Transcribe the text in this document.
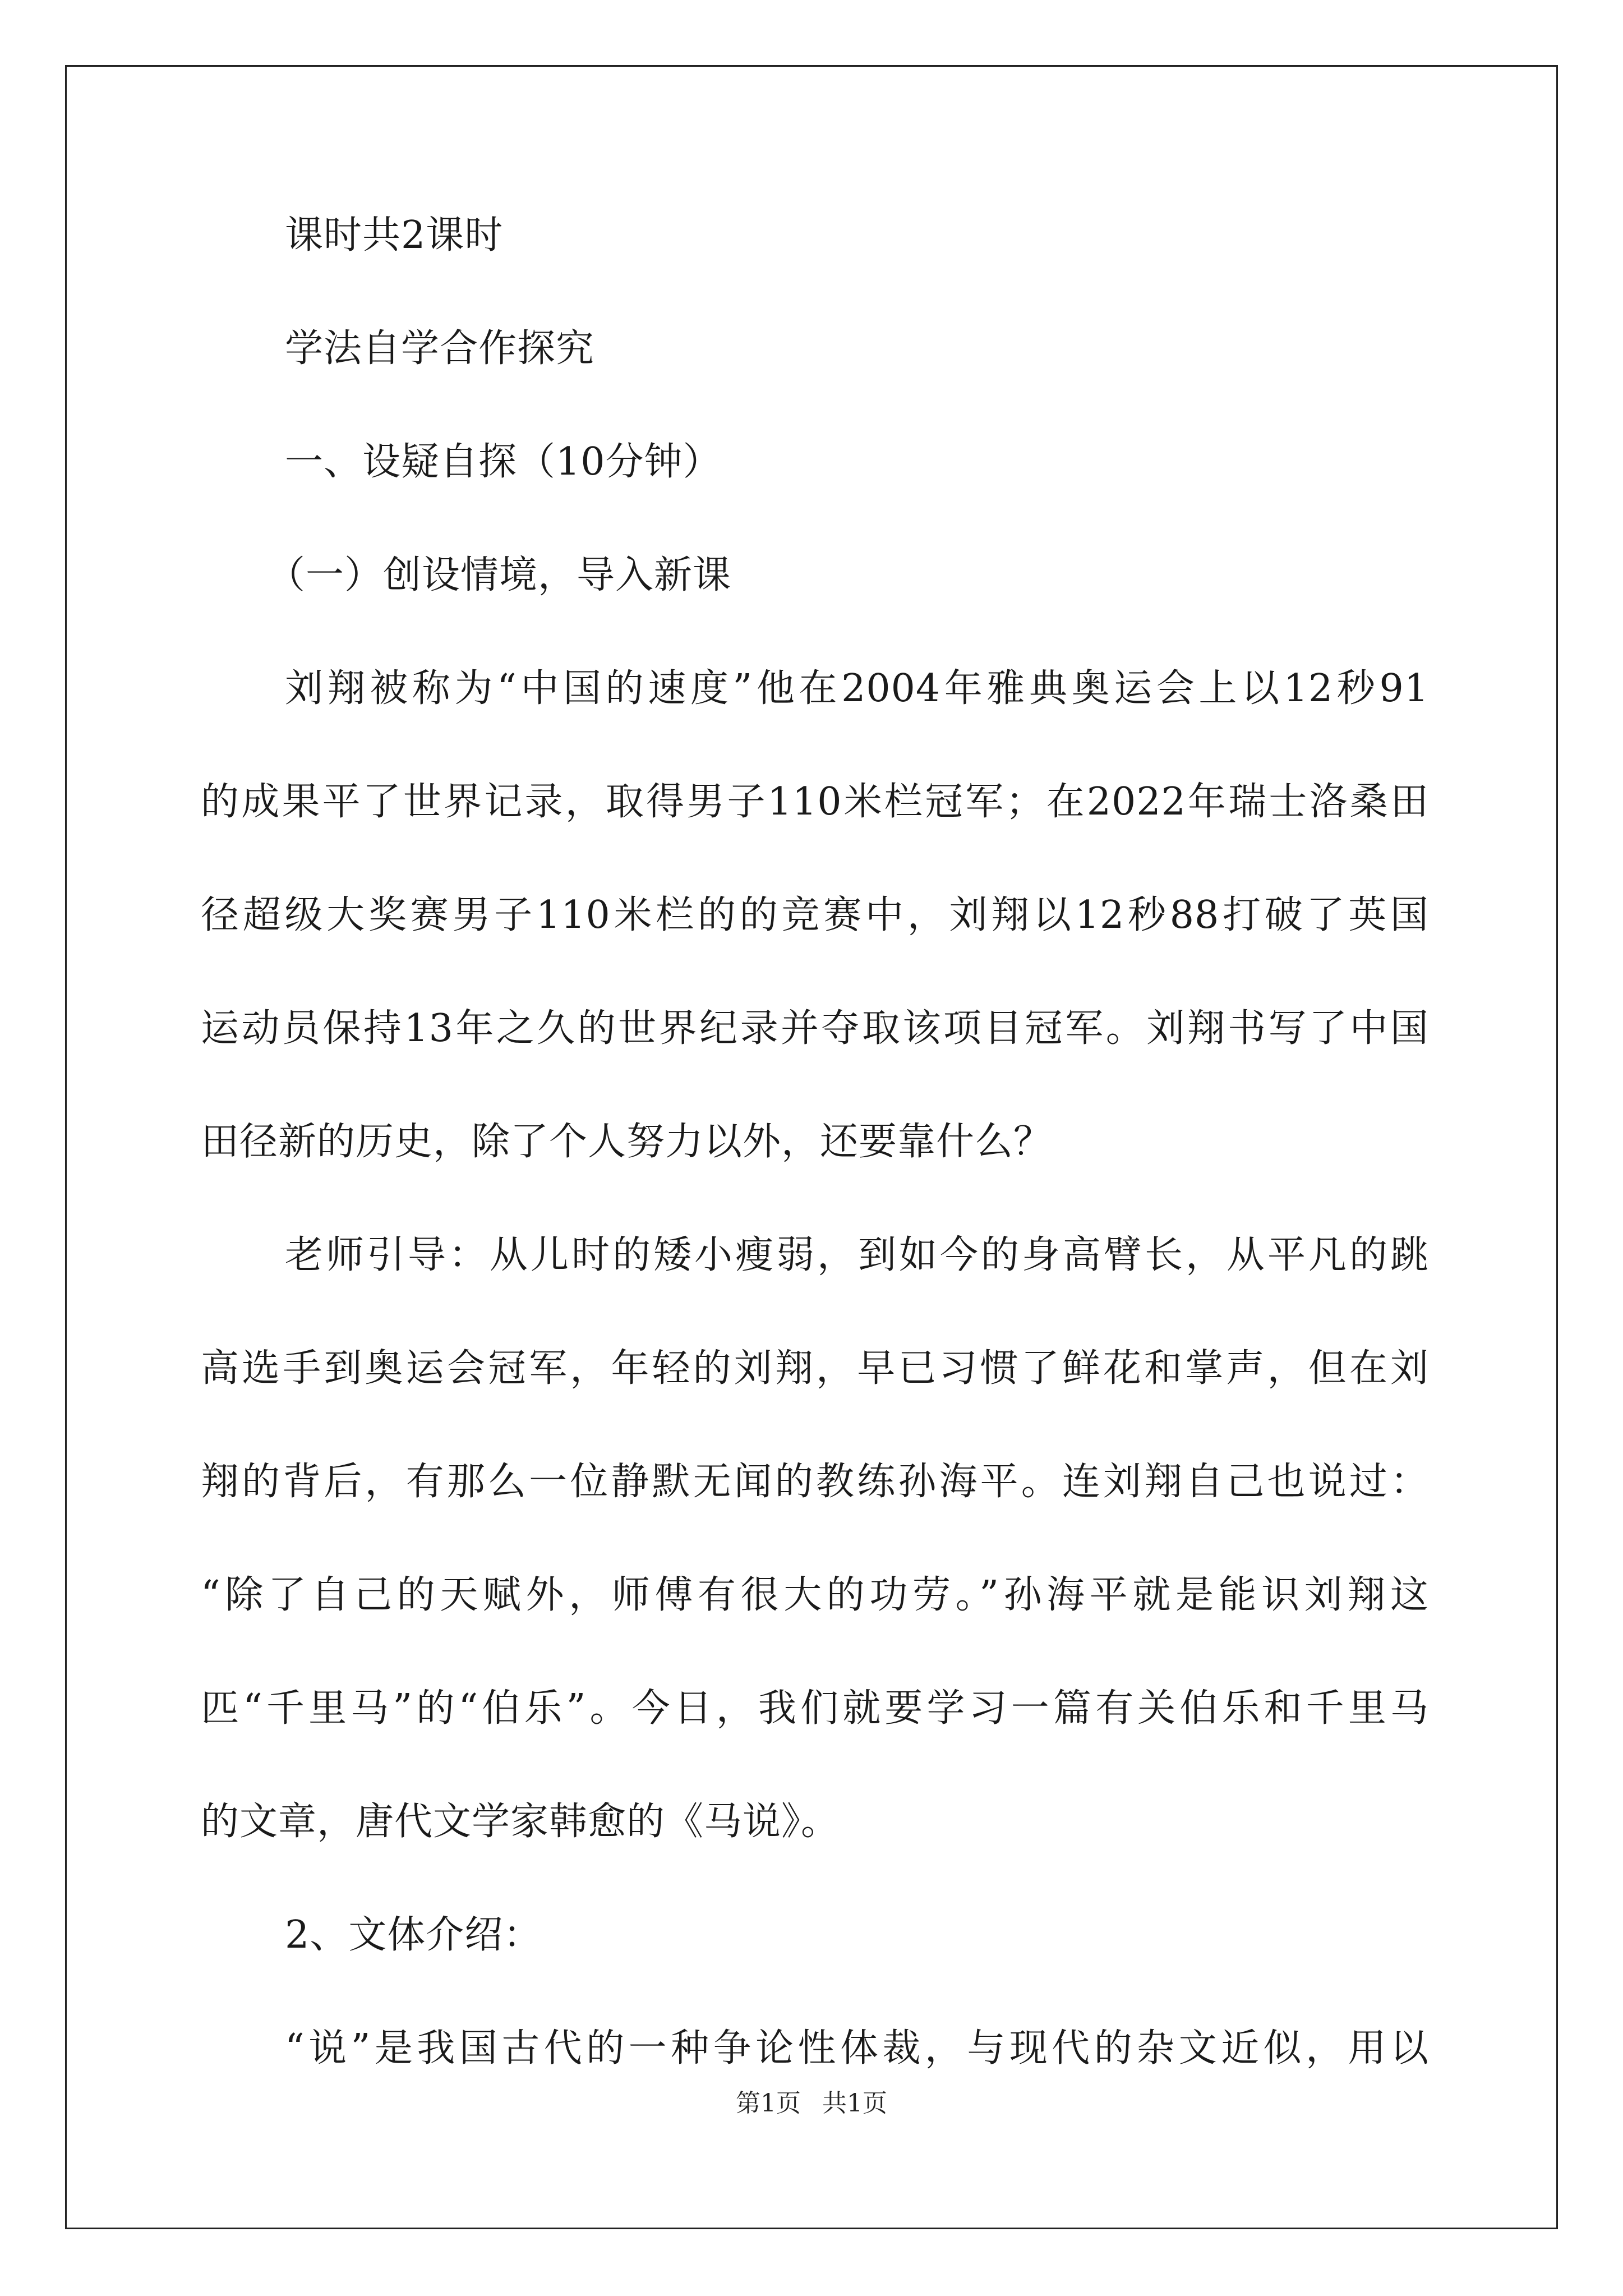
课时共2课时
学法自学合作探究
一、设疑自探（10分钟）
（一）创设情境，导入新课
刘翔被称为“中国的速度”他在2004年雅典奥运会上以12秒91
的成果平了世界记录，取得男子110米栏冠军；在2022年瑞士洛桑田
径超级大奖赛男子110米栏的的竞赛中，刘翔以12秒88打破了英国
运动员保持13年之久的世界纪录并夺取该项目冠军。刘翔书写了中国
田径新的历史，除了个人努力以外，还要靠什么？
老师引导：从儿时的矮小瘦弱，到如今的身高臂长，从平凡的跳
高选手到奥运会冠军，年轻的刘翔，早已习惯了鲜花和掌声，但在刘
翔的背后，有那么一位静默无闻的教练孙海平。连刘翔自己也说过：
“除了自己的天赋外，师傅有很大的功劳。”孙海平就是能识刘翔这
匹“千里马”的“伯乐”。今日，我们就要学习一篇有关伯乐和千里马
的文章，唐代文学家韩愈的《马说》。
2、文体介绍：
“说”是我国古代的一种争论性体裁，与现代的杂文近似，用以
第1页 共1页
